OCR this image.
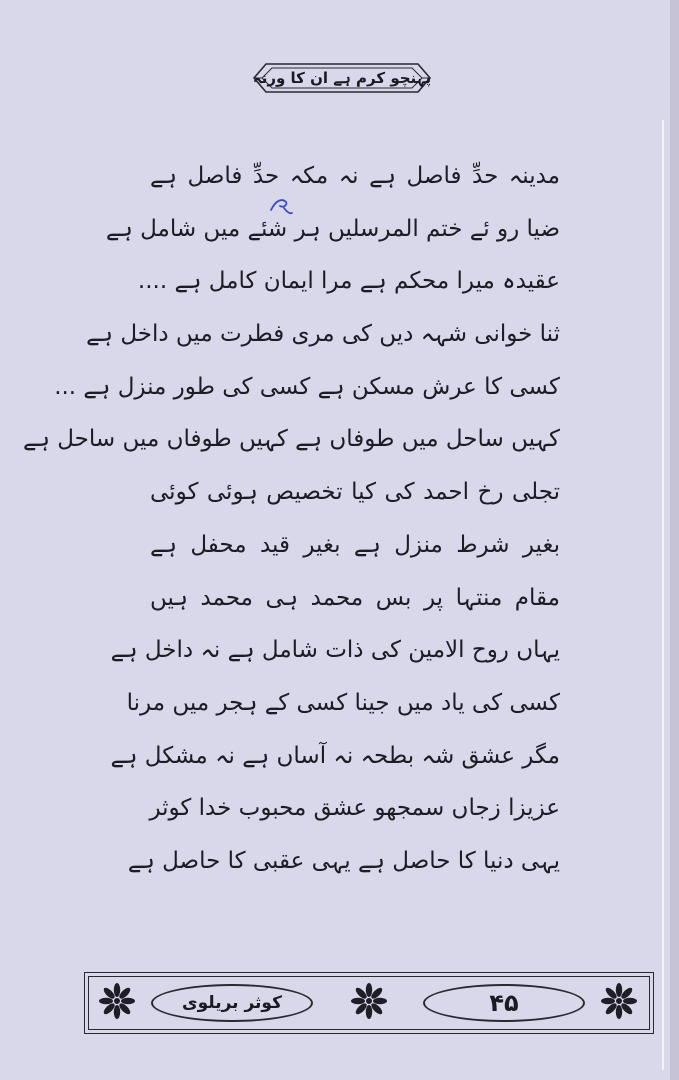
پہنچو کرم ہے ان کا ورنہ
مدینہ حدِّ فاصل ہے نہ مکہ حدِّ فاصل ہے
ضیا رو ئے ختم المرسلیں ہر شئے میں شامل ہے
عقیدہ میرا محکم ہے مرا ایمان کامل ہے ....
ثنا خوانی شہہ دیں کی مری فطرت میں داخل ہے
کسی کا عرش مسکن ہے کسی کی طور منزل ہے ...
کہیں ساحل میں طوفاں ہے کہیں طوفاں میں ساحل ہے
تجلی رخ احمد کی کیا تخصیص ہوئی کوئی
بغیر شرط منزل ہے بغیر قید محفل ہے
مقام منتہا پر بس محمد ہی محمد ہیں
یہاں روح الامین کی ذات شامل ہے نہ داخل ہے
کسی کی یاد میں جینا کسی کے ہجر میں مرنا
مگر عشق شہ بطحہ نہ آساں ہے نہ مشکل ہے
عزیزا زجاں سمجھو عشق محبوب خدا کوثر
یہی دنیا کا حاصل ہے یہی عقبی کا حاصل ہے
کوثر بریلوی	۴۵
